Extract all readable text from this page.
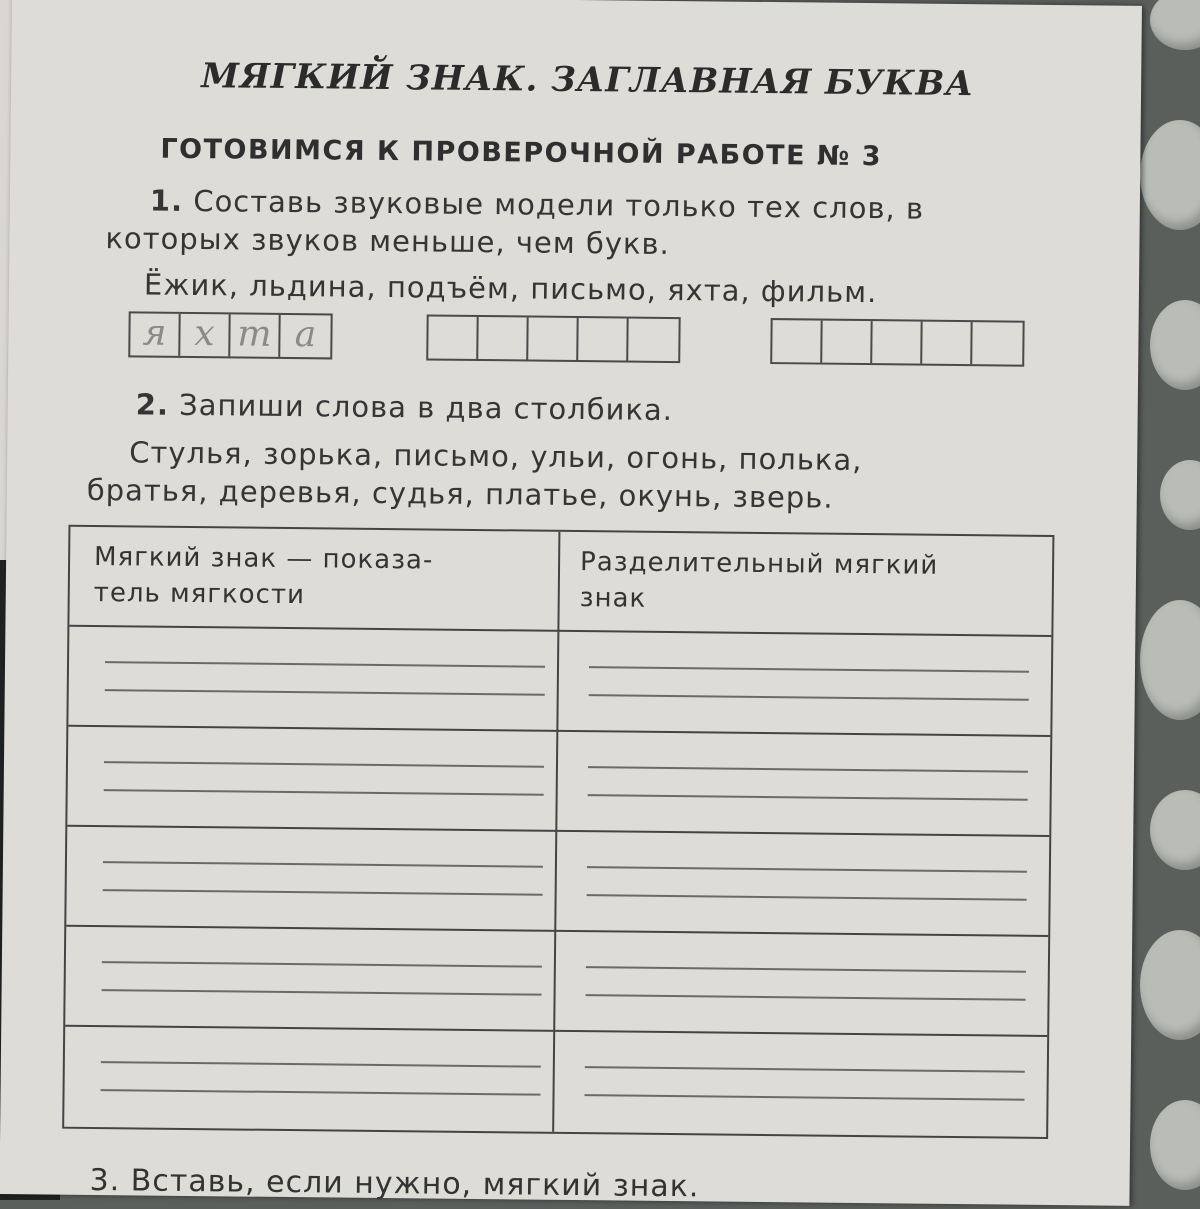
МЯГКИЙ ЗНАК. ЗАГЛАВНАЯ БУКВА
ГОТОВИМСЯ К ПРОВЕРОЧНОЙ РАБОТЕ № 3
1. Составь звуковые модели только тех слов, в
которых звуков меньше, чем букв.
Ёжик, льдина, подъём, письмо, яхта, фильм.
я х т а
2. Запиши слова в два столбика.
Стулья, зорька, письмо, ульи, огонь, полька,
братья, деревья, судья, платье, окунь, зверь.
Мягкий знак — показа-
тель мягкости
Разделительный мягкий
знак
3. Вставь, если нужно, мягкий знак.
